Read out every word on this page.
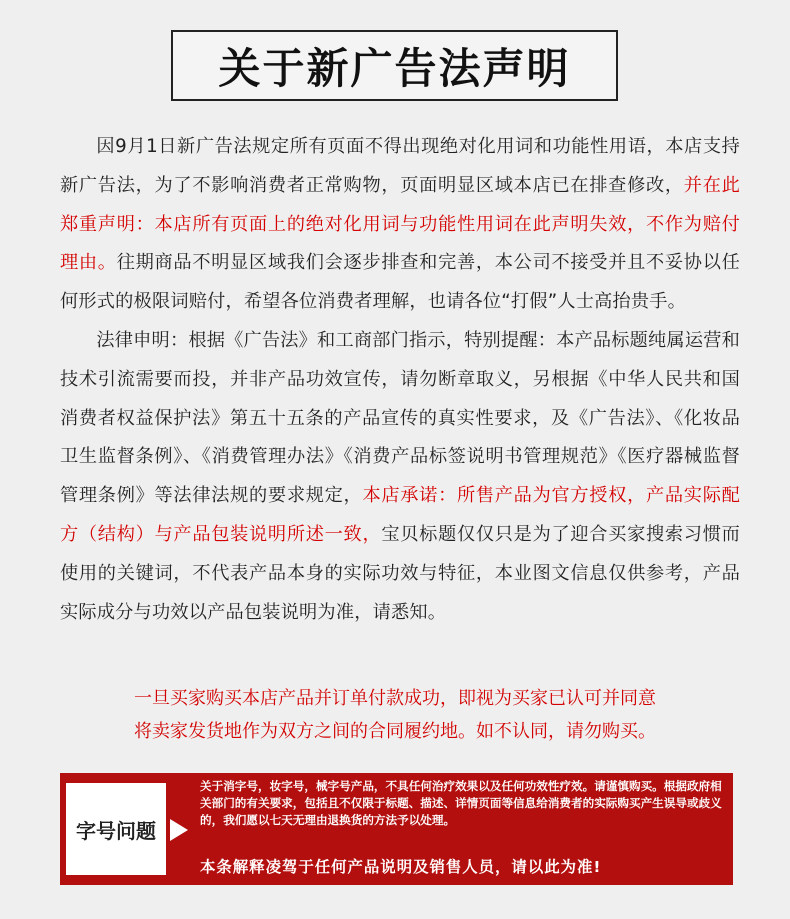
关于新广告法声明

因9月1日新广告法规定所有页面不得出现绝对化用词和功能性用语，本店支持新广告法，为了不影响消费者正常购物，页面明显区域本店已在排查修改，并在此郑重声明：本店所有页面上的绝对化用词与功能性用词在此声明失效，不作为赔付理由。往期商品不明显区域我们会逐步排查和完善，本公司不接受并且不妥协以任何形式的极限词赔付，希望各位消费者理解，也请各位“打假”人士高抬贵手。

法律申明：根据《广告法》和工商部门指示，特别提醒：本产品标题纯属运营和技术引流需要而投，并非产品功效宣传，请勿断章取义，另根据《中华人民共和国消费者权益保护法》第五十五条的产品宣传的真实性要求，及《广告法》、《化妆品卫生监督条例》、《消费管理办法》《消费产品标签说明书管理规范》《医疗器械监督管理条例》等法律法规的要求规定，本店承诺：所售产品为官方授权，产品实际配方（结构）与产品包装说明所述一致，宝贝标题仅仅只是为了迎合买家搜索习惯而使用的关键词，不代表产品本身的实际功效与特征，本业图文信息仅供参考，产品实际成分与功效以产品包装说明为准，请悉知。

一旦买家购买本店产品并订单付款成功，即视为买家已认可并同意
将卖家发货地作为双方之间的合同履约地。如不认同，请勿购买。
字号问题
关于消字号，妆字号，械字号产品，不具任何治疗效果以及任何功效性疗效。请谨慎购买。根据政府相关部门的有关要求，包括且不仅限于标题、描述、详情页面等信息给消费者的实际购买产生误导或歧义的，我们愿以七天无理由退换货的方法予以处理。
本条解释凌驾于任何产品说明及销售人员，请以此为准!
